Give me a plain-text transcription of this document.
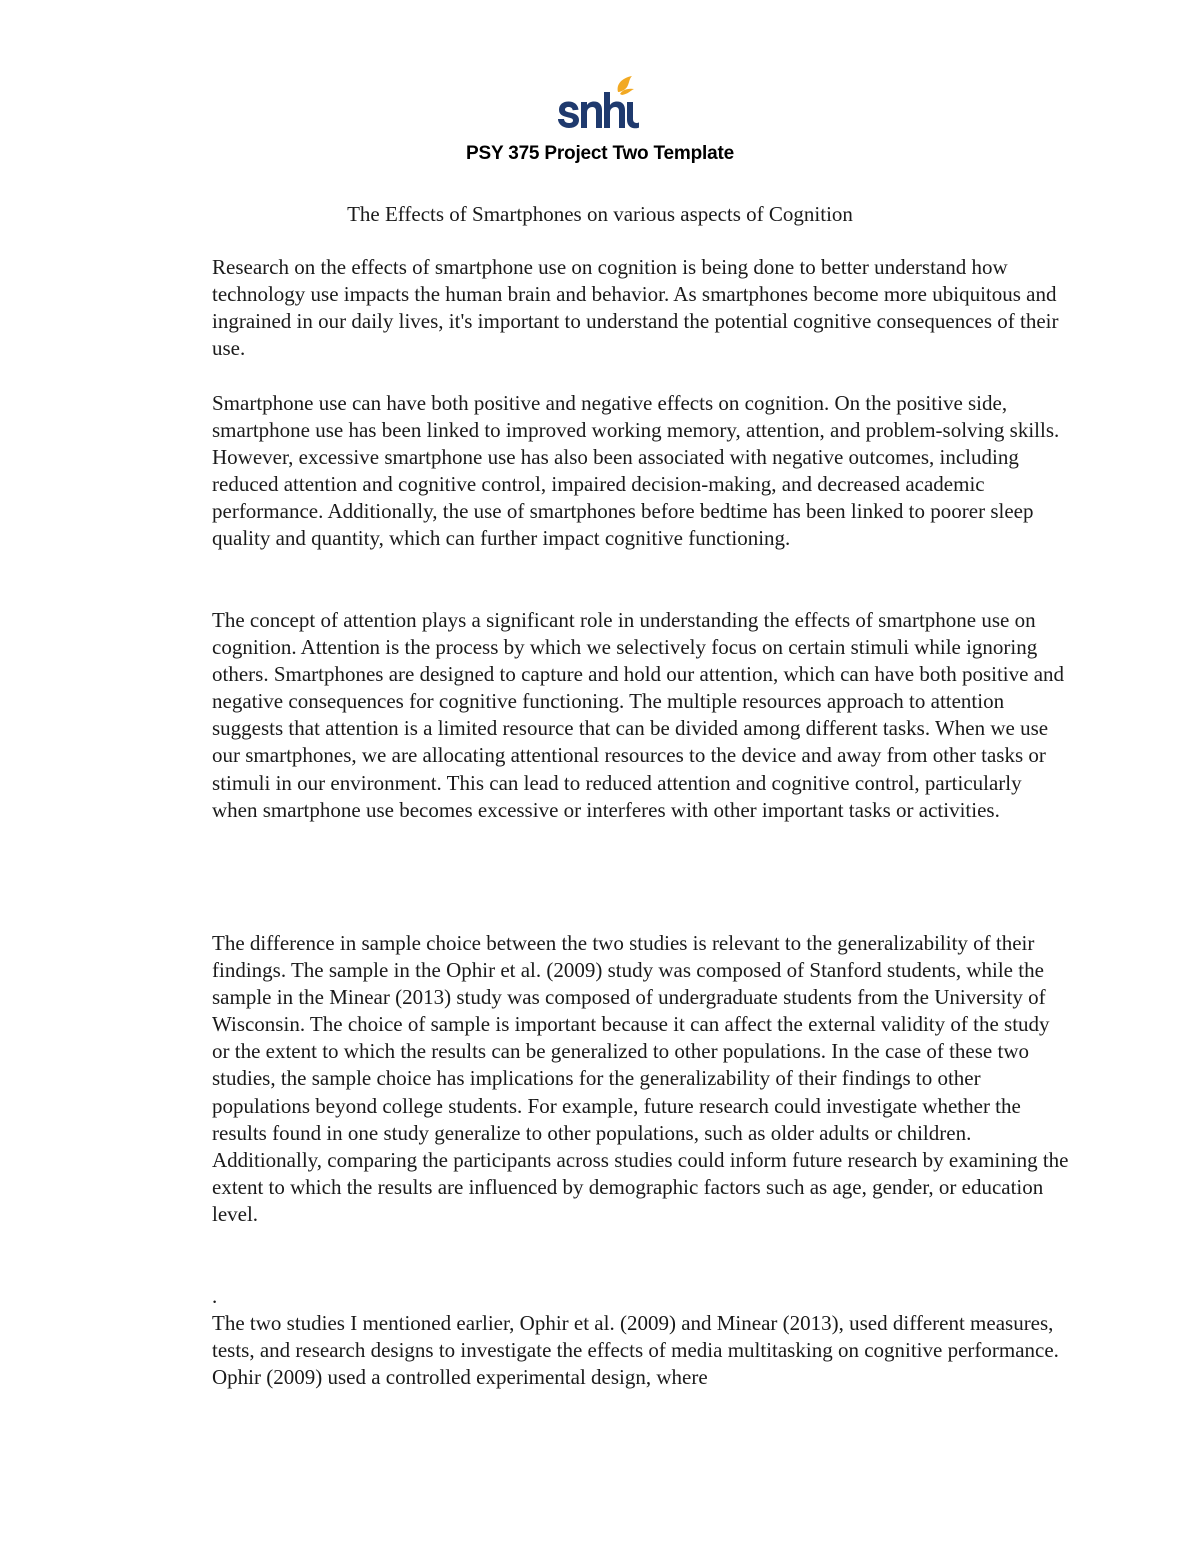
PSY 375 Project Two Template
The Effects of Smartphones on various aspects of Cognition

Research on the effects of smartphone use on cognition is being done to better understand how technology use impacts the human brain and behavior. As smartphones become more ubiquitous and ingrained in our daily lives, it's important to understand the potential cognitive consequences of their use.

Smartphone use can have both positive and negative effects on cognition. On the positive side, smartphone use has been linked to improved working memory, attention, and problem-solving skills. However, excessive smartphone use has also been associated with negative outcomes, including reduced attention and cognitive control, impaired decision-making, and decreased academic performance. Additionally, the use of smartphones before bedtime has been linked to poorer sleep quality and quantity, which can further impact cognitive functioning.

The concept of attention plays a significant role in understanding the effects of smartphone use on cognition. Attention is the process by which we selectively focus on certain stimuli while ignoring others. Smartphones are designed to capture and hold our attention, which can have both positive and negative consequences for cognitive functioning. The multiple resources approach to attention suggests that attention is a limited resource that can be divided among different tasks. When we use our smartphones, we are allocating attentional resources to the device and away from other tasks or stimuli in our environment. This can lead to reduced attention and cognitive control, particularly when smartphone use becomes excessive or interferes with other important tasks or activities.

The difference in sample choice between the two studies is relevant to the generalizability of their findings. The sample in the Ophir et al. (2009) study was composed of Stanford students, while the sample in the Minear (2013) study was composed of undergraduate students from the University of Wisconsin. The choice of sample is important because it can affect the external validity of the study or the extent to which the results can be generalized to other populations. In the case of these two studies, the sample choice has implications for the generalizability of their findings to other populations beyond college students. For example, future research could investigate whether the results found in one study generalize to other populations, such as older adults or children. Additionally, comparing the participants across studies could inform future research by examining the extent to which the results are influenced by demographic factors such as age, gender, or education level.

.

The two studies I mentioned earlier, Ophir et al. (2009) and Minear (2013), used different measures, tests, and research designs to investigate the effects of media multitasking on cognitive performance. Ophir (2009) used a controlled experimental design, where
